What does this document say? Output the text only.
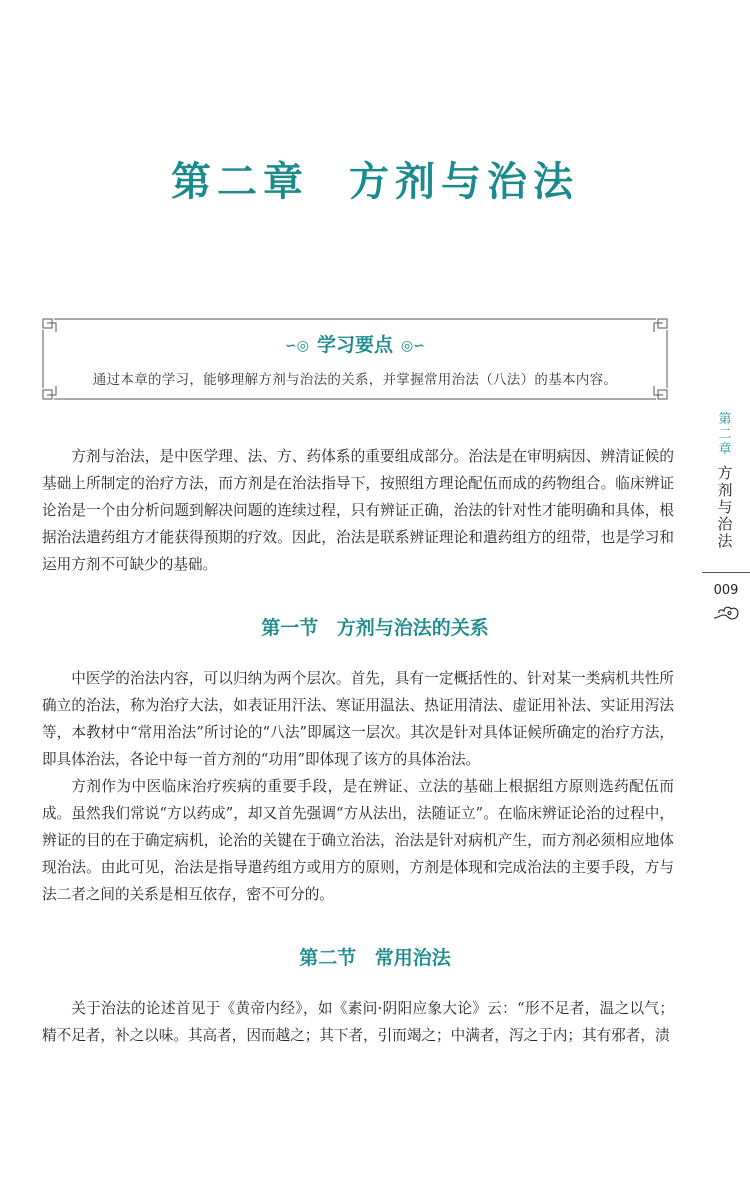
第二章 方剂与治法
∽◎ 学习要点 ◎∽
通过本章的学习，能够理解方剂与治法的关系，并掌握常用治法（八法）的基本内容。
第
二
章
方
剂
与
治
法
009
方剂与治法，是中医学理、法、方、药体系的重要组成部分。治法是在审明病因、辨清证候的基础上所制定的治疗方法，而方剂是在治法指导下，按照组方理论配伍而成的药物组合。临床辨证论治是一个由分析问题到解决问题的连续过程，只有辨证正确，治法的针对性才能明确和具体，根据治法遣药组方才能获得预期的疗效。因此，治法是联系辨证理论和遣药组方的纽带，也是学习和运用方剂不可缺少的基础。
第一节 方剂与治法的关系
中医学的治法内容，可以归纳为两个层次。首先，具有一定概括性的、针对某一类病机共性所确立的治法，称为治疗大法，如表证用汗法、寒证用温法、热证用清法、虚证用补法、实证用泻法等，本教材中“常用治法”所讨论的“八法”即属这一层次。其次是针对具体证候所确定的治疗方法，即具体治法，各论中每一首方剂的“功用”即体现了该方的具体治法。
方剂作为中医临床治疗疾病的重要手段，是在辨证、立法的基础上根据组方原则选药配伍而成。虽然我们常说“方以药成”，却又首先强调“方从法出，法随证立”。在临床辨证论治的过程中，辨证的目的在于确定病机，论治的关键在于确立治法，治法是针对病机产生，而方剂必须相应地体现治法。由此可见，治法是指导遣药组方或用方的原则，方剂是体现和完成治法的主要手段，方与法二者之间的关系是相互依存，密不可分的。
第二节 常用治法
关于治法的论述首见于《黄帝内经》，如《素问·阴阳应象大论》云：“形不足者，温之以气；精不足者，补之以味。其高者，因而越之；其下者，引而竭之；中满者，泻之于内；其有邪者，渍
